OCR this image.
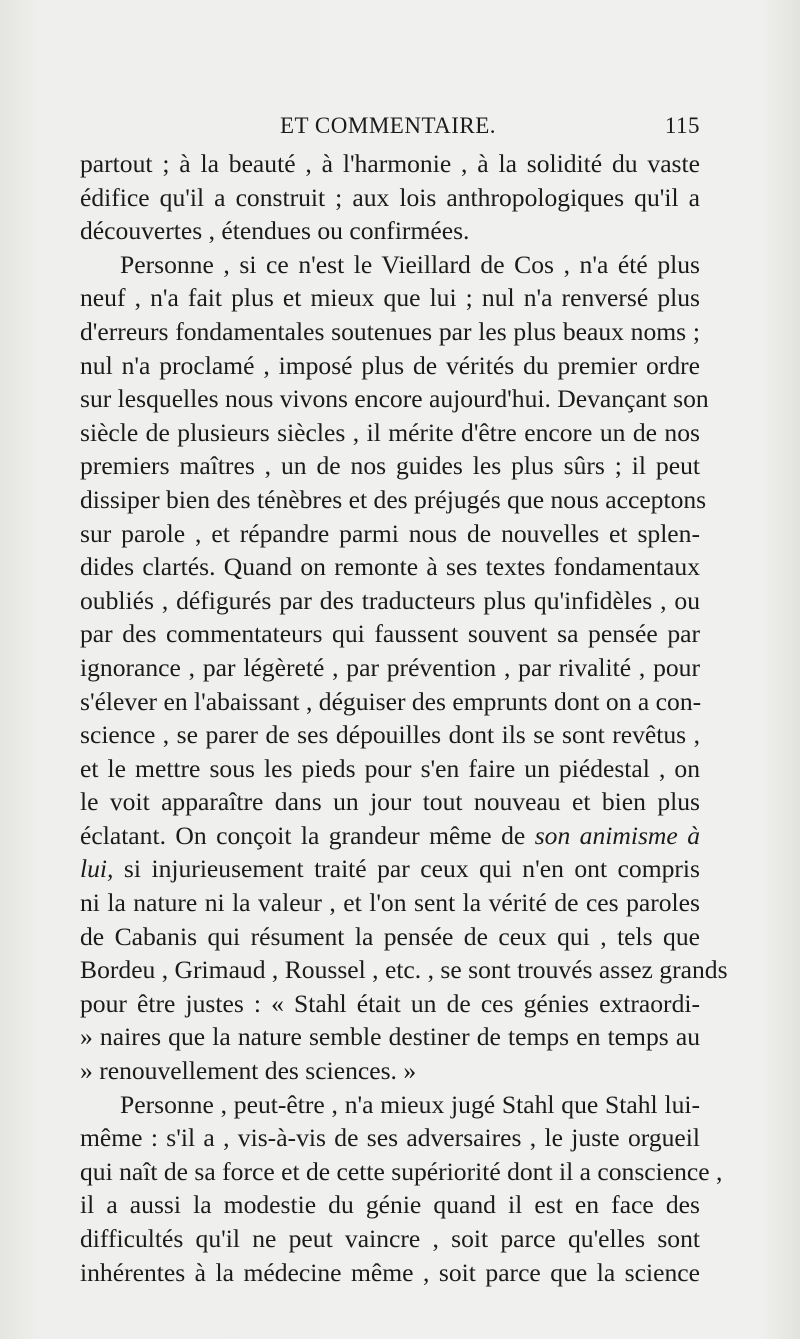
ET COMMENTAIRE.	115
partout ; à la beauté , à l'harmonie , à la solidité du vaste
édifice qu'il a construit ; aux lois anthropologiques qu'il a
découvertes , étendues ou confirmées.
Personne , si ce n'est le Vieillard de Cos , n'a été plus
neuf , n'a fait plus et mieux que lui ; nul n'a renversé plus
d'erreurs fondamentales soutenues par les plus beaux noms ;
nul n'a proclamé , imposé plus de vérités du premier ordre
sur lesquelles nous vivons encore aujourd'hui. Devançant son
siècle de plusieurs siècles , il mérite d'être encore un de nos
premiers maîtres , un de nos guides les plus sûrs ; il peut
dissiper bien des ténèbres et des préjugés que nous acceptons
sur parole , et répandre parmi nous de nouvelles et splen-
dides clartés. Quand on remonte à ses textes fondamentaux
oubliés , défigurés par des traducteurs plus qu'infidèles , ou
par des commentateurs qui faussent souvent sa pensée par
ignorance , par légèreté , par prévention , par rivalité , pour
s'élever en l'abaissant , déguiser des emprunts dont on a con-
science , se parer de ses dépouilles dont ils se sont revêtus ,
et le mettre sous les pieds pour s'en faire un piédestal , on
le voit apparaître dans un jour tout nouveau et bien plus
éclatant. On conçoit la grandeur même de son animisme à
lui, si injurieusement traité par ceux qui n'en ont compris
ni la nature ni la valeur , et l'on sent la vérité de ces paroles
de Cabanis qui résument la pensée de ceux qui , tels que
Bordeu , Grimaud , Roussel , etc. , se sont trouvés assez grands
pour être justes : « Stahl était un de ces génies extraordi-
» naires que la nature semble destiner de temps en temps au
» renouvellement des sciences. »
Personne , peut-être , n'a mieux jugé Stahl que Stahl lui-
même : s'il a , vis-à-vis de ses adversaires , le juste orgueil
qui naît de sa force et de cette supériorité dont il a conscience ,
il a aussi la modestie du génie quand il est en face des
difficultés qu'il ne peut vaincre , soit parce qu'elles sont
inhérentes à la médecine même , soit parce que la science
